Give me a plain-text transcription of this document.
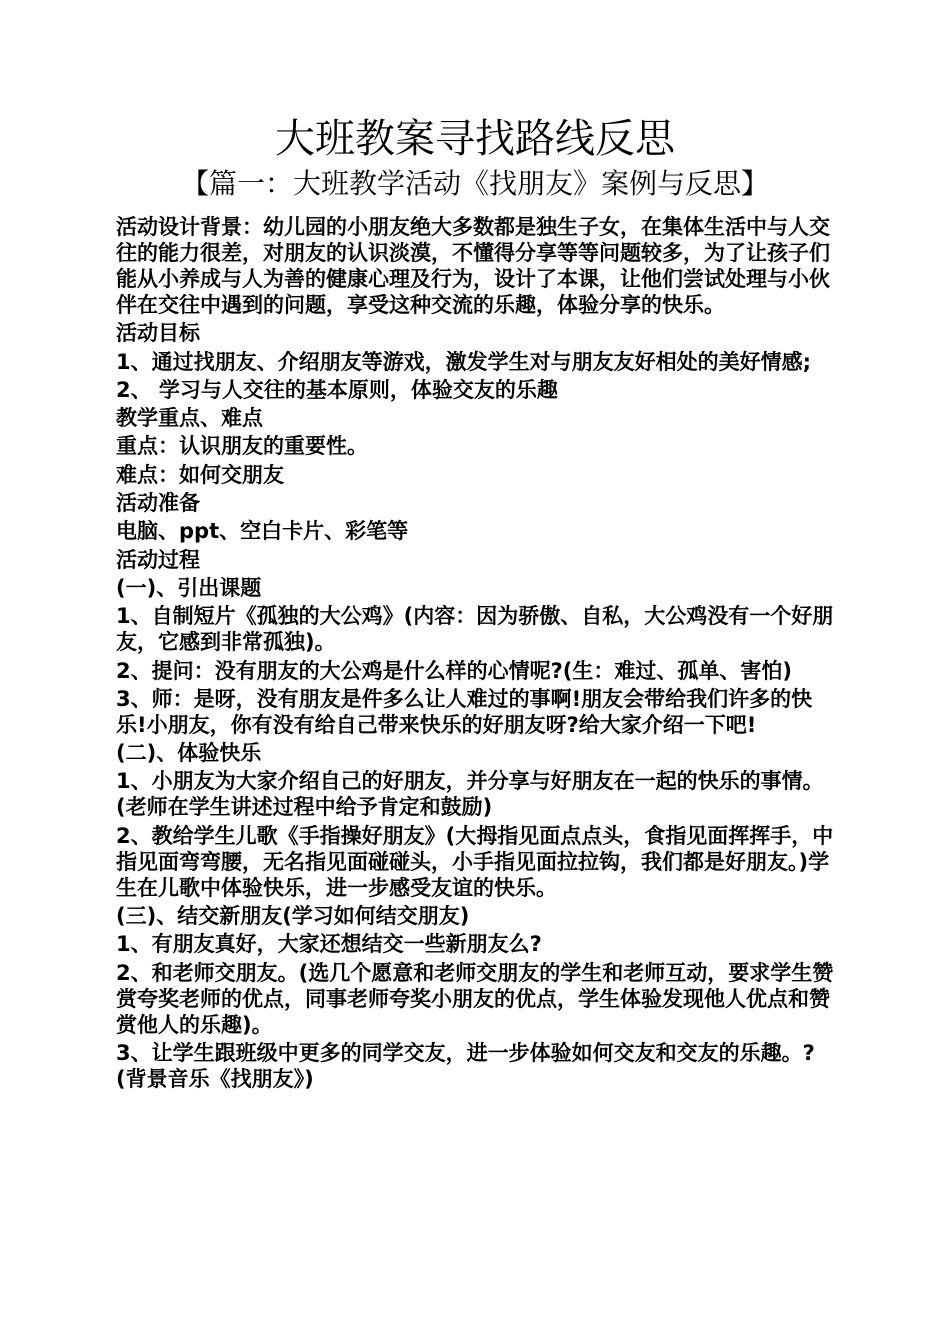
大班教案寻找路线反思
【篇一：大班教学活动《找朋友》案例与反思】

活动设计背景：幼儿园的小朋友绝大多数都是独生子女，在集体生活中与人交往的能力很差，对朋友的认识淡漠，不懂得分享等等问题较多，为了让孩子们能从小养成与人为善的健康心理及行为，设计了本课，让他们尝试处理与小伙伴在交往中遇到的问题，享受这种交流的乐趣，体验分享的快乐。

活动目标

1、通过找朋友、介绍朋友等游戏，激发学生对与朋友友好相处的美好情感;

2、 学习与人交往的基本原则，体验交友的乐趣

教学重点、难点

重点：认识朋友的重要性。

难点：如何交朋友

活动准备

电脑、ppt、空白卡片、彩笔等

活动过程

(一)、引出课题

1、自制短片《孤独的大公鸡》(内容：因为骄傲、自私，大公鸡没有一个好朋友，它感到非常孤独)。

2、提问：没有朋友的大公鸡是什么样的心情呢?(生：难过、孤单、害怕)

3、师：是呀，没有朋友是件多么让人难过的事啊!朋友会带给我们许多的快乐!小朋友，你有没有给自己带来快乐的好朋友呀?给大家介绍一下吧!

(二)、体验快乐

1、小朋友为大家介绍自己的好朋友，并分享与好朋友在一起的快乐的事情。(老师在学生讲述过程中给予肯定和鼓励)

2、教给学生儿歌《手指操好朋友》(大拇指见面点点头，食指见面挥挥手，中指见面弯弯腰，无名指见面碰碰头，小手指见面拉拉钩，我们都是好朋友。)学生在儿歌中体验快乐，进一步感受友谊的快乐。

(三)、结交新朋友(学习如何结交朋友)

1、有朋友真好，大家还想结交一些新朋友么?

2、和老师交朋友。(选几个愿意和老师交朋友的学生和老师互动，要求学生赞赏夸奖老师的优点，同事老师夸奖小朋友的优点，学生体验发现他人优点和赞赏他人的乐趣)。

3、让学生跟班级中更多的同学交友，进一步体验如何交友和交友的乐趣。?(背景音乐《找朋友》)
